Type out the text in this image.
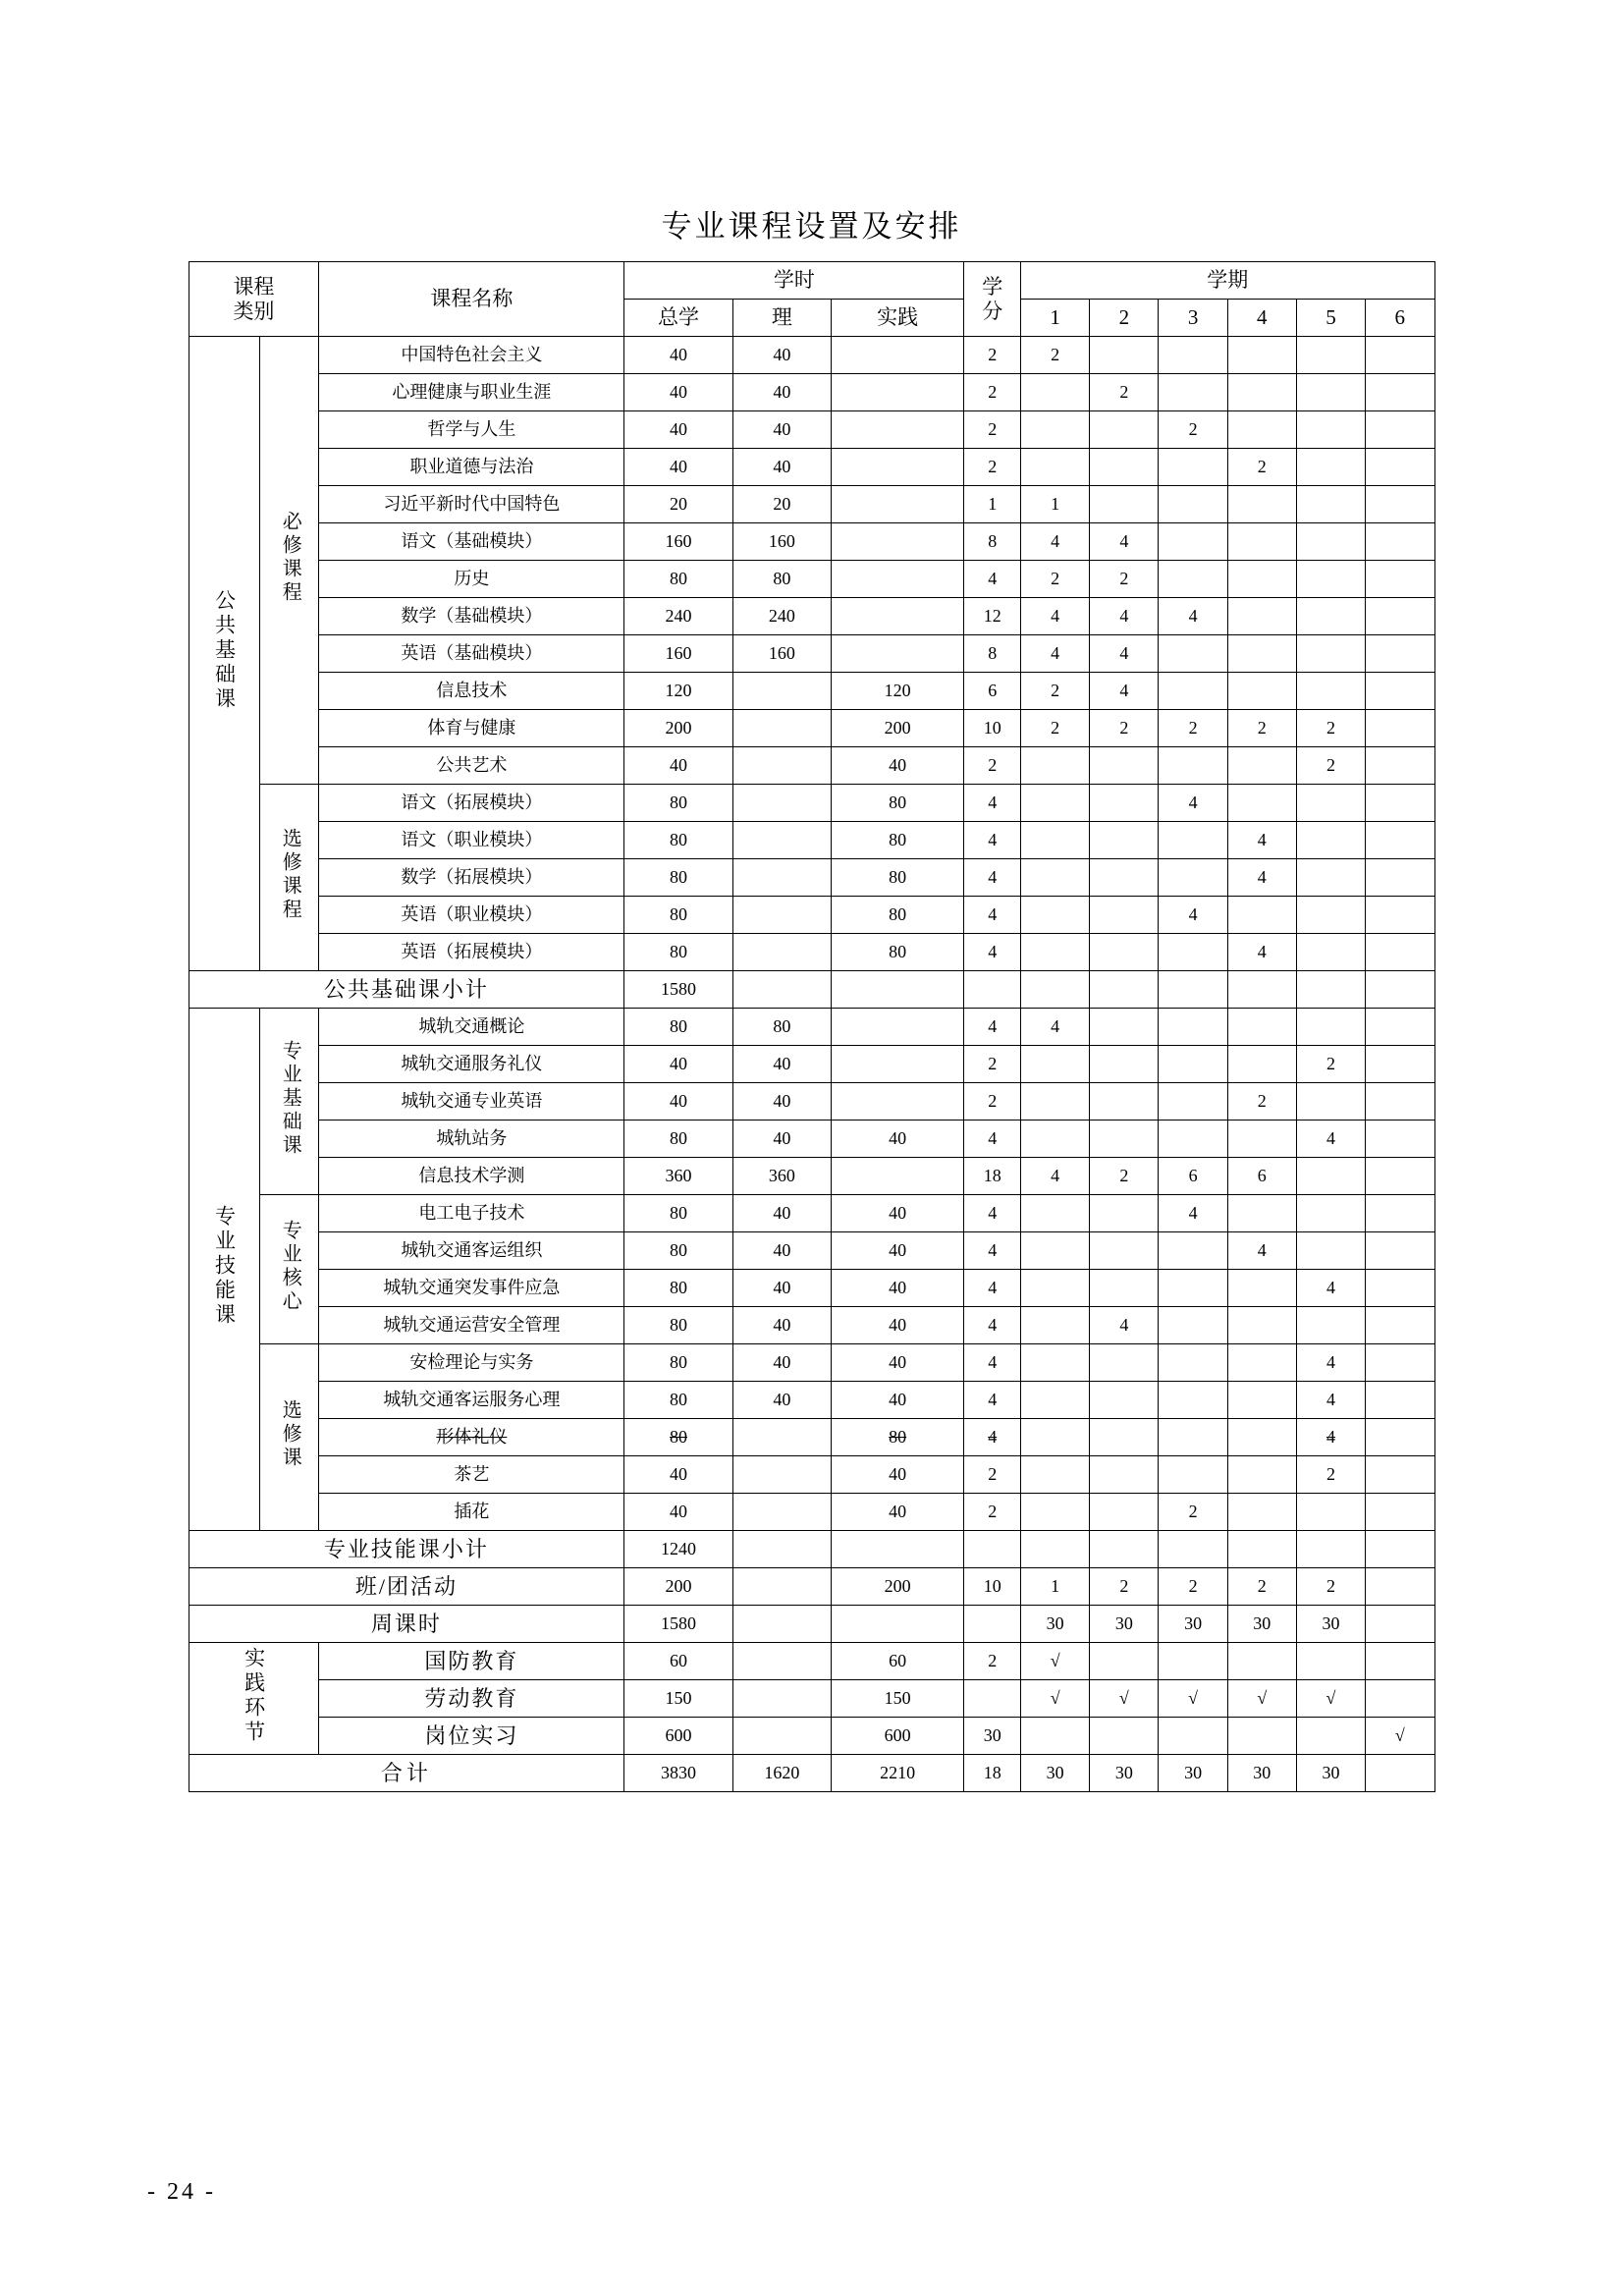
专业课程设置及安排
课程
类别
	课程名称	学时	学
分
	学期
			总学	理	实践		1	2	3	4	5	6
公共基础课	必修课程	中国特色社会主义	40	40		2	2					
		心理健康与职业生涯	40	40		2		2				
		哲学与人生	40	40		2			2			
		职业道德与法治	40	40		2				2		
		习近平新时代中国特色	20	20		1	1					
		语文（基础模块）	160	160		8	4	4				
		历史	80	80		4	2	2				
		数学（基础模块）	240	240		12	4	4	4			
		英语（基础模块）	160	160		8	4	4				
		信息技术	120		120	6	2	4				
		体育与健康	200		200	10	2	2	2	2	2	
		公共艺术	40		40	2					2	
	选修课程	语文（拓展模块）	80		80	4			4			
		语文（职业模块）	80		80	4				4		
		数学（拓展模块）	80		80	4				4		
		英语（职业模块）	80		80	4			4			
		英语（拓展模块）	80		80	4				4		
公共基础课小计			1580									
专业技能课	专业基础课	城轨交通概论	80	80		4	4					
		城轨交通服务礼仪	40	40		2					2	
		城轨交通专业英语	40	40		2				2		
		城轨站务	80	40	40	4					4	
		信息技术学测	360	360		18	4	2	6	6		
	专业核心	电工电子技术	80	40	40	4			4			
		城轨交通客运组织	80	40	40	4				4		
		城轨交通突发事件应急	80	40	40	4					4	
		城轨交通运营安全管理	80	40	40	4		4				
	选修课	安检理论与实务	80	40	40	4					4	
		城轨交通客运服务心理	80	40	40	4					4	
		形体礼仪	80		80	4					4	
		茶艺	40		40	2					2	
		插花	40		40	2			2			
专业技能课小计			1240									
班/团活动			200		200	10	1	2	2	2	2	
周课时			1580				30	30	30	30	30	
实践环节		国防教育	60		60	2	√					
		劳动教育	150		150		√	√	√	√	√	
		岗位实习	600		600	30						√
合计			3830	1620	2210	18	30	30	30	30	30	
- 24 -
